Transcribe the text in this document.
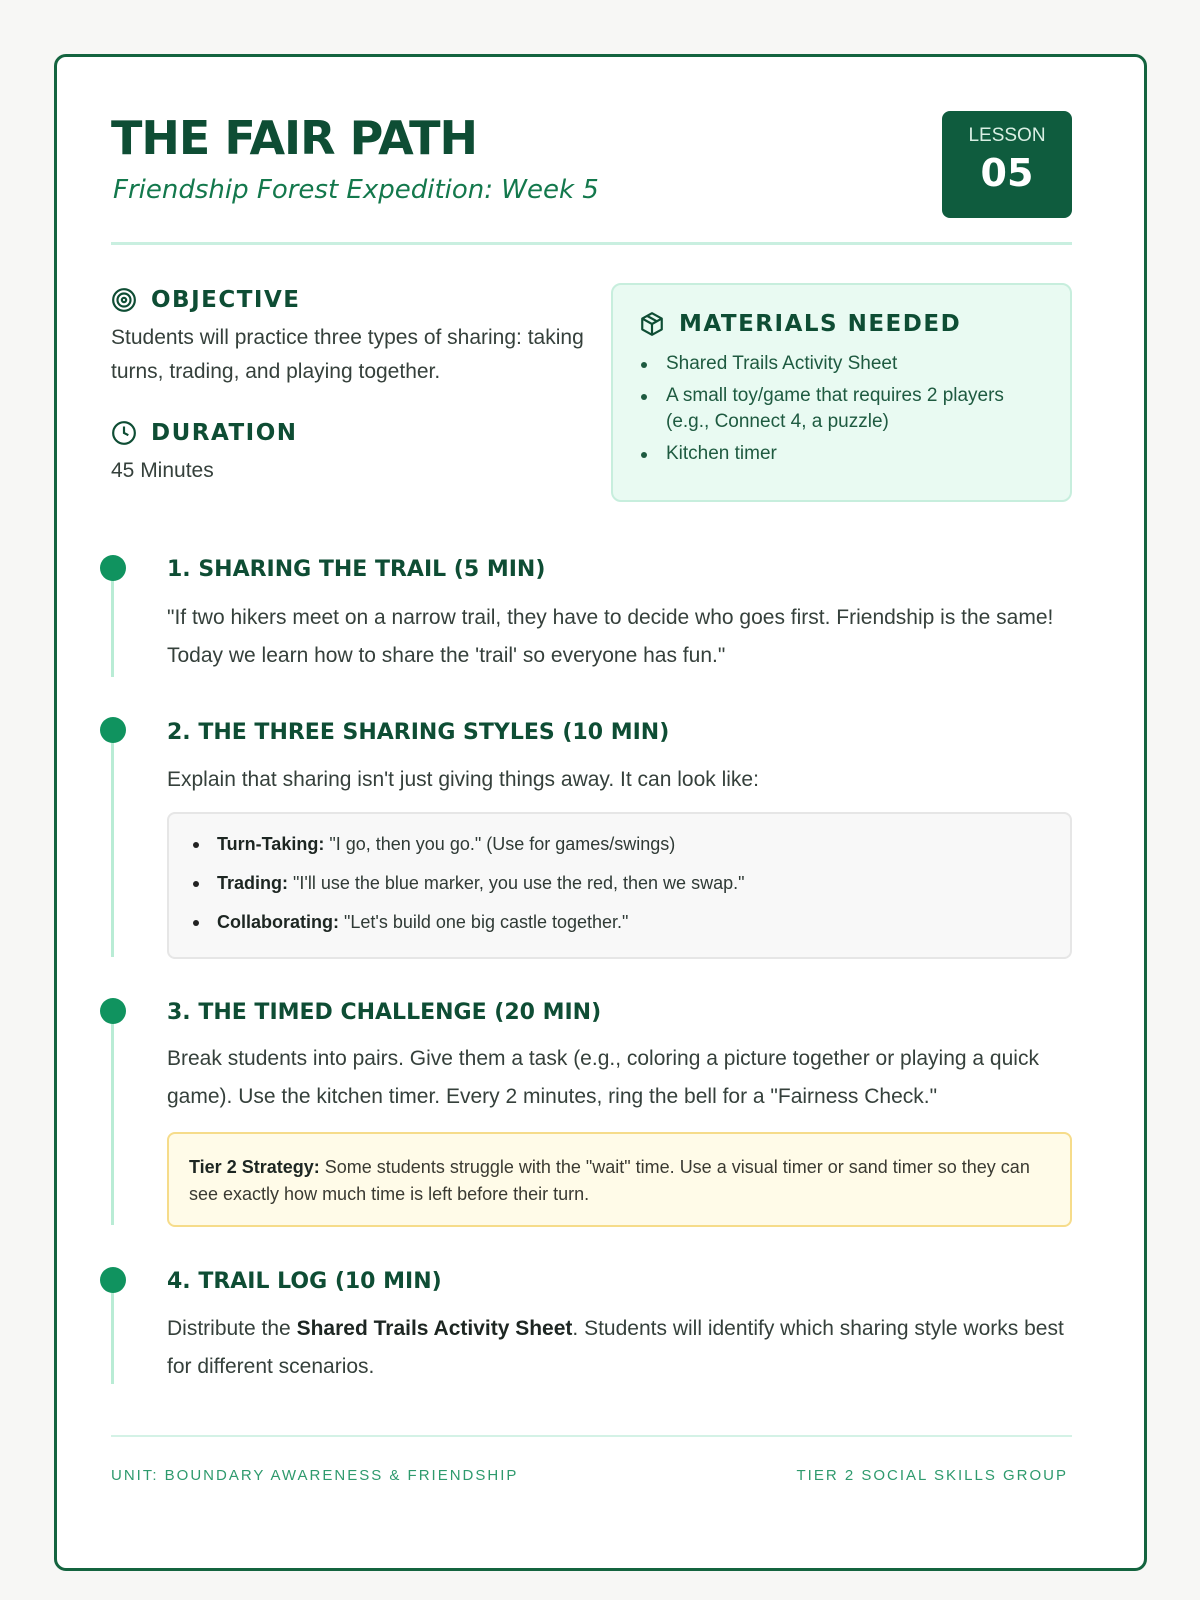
THE FAIR PATH
Friendship Forest Expedition: Week 5
LESSON
05
OBJECTIVE
Students will practice three types of sharing: taking turns, trading, and playing together.
DURATION
45 Minutes
MATERIALS NEEDED
Shared Trails Activity Sheet
A small toy/game that requires 2 players (e.g., Connect 4, a puzzle)
Kitchen timer
1. SHARING THE TRAIL (5 MIN)
"If two hikers meet on a narrow trail, they have to decide who goes first. Friendship is the same! Today we learn how to share the 'trail' so everyone has fun."
2. THE THREE SHARING STYLES (10 MIN)
Explain that sharing isn't just giving things away. It can look like:
Turn-Taking: "I go, then you go." (Use for games/swings)
Trading: "I'll use the blue marker, you use the red, then we swap."
Collaborating: "Let's build one big castle together."
3. THE TIMED CHALLENGE (20 MIN)
Break students into pairs. Give them a task (e.g., coloring a picture together or playing a quick game). Use the kitchen timer. Every 2 minutes, ring the bell for a "Fairness Check."
Tier 2 Strategy: Some students struggle with the "wait" time. Use a visual timer or sand timer so they can see exactly how much time is left before their turn.
4. TRAIL LOG (10 MIN)
Distribute the Shared Trails Activity Sheet. Students will identify which sharing style works best for different scenarios.
UNIT: BOUNDARY AWARENESS & FRIENDSHIP	TIER 2 SOCIAL SKILLS GROUP
